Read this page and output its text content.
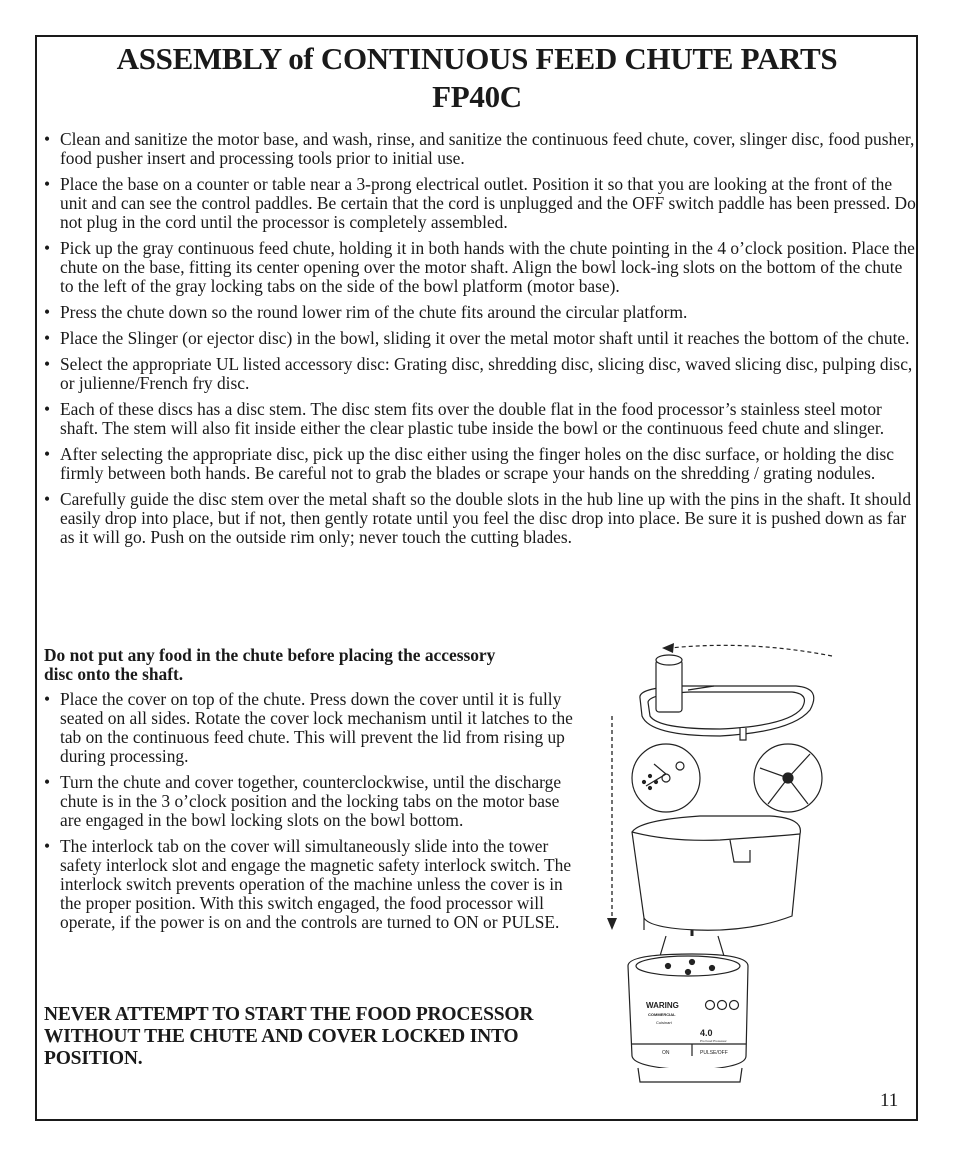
ASSEMBLY of CONTINUOUS FEED CHUTE PARTS
FP40C
• Clean and sanitize the motor base, and wash, rinse, and sanitize the continuous feed chute, cover, slinger disc, food pusher, food pusher insert and processing tools prior to initial use.
• Place the base on a counter or table near a 3-prong electrical outlet. Position it so that you are looking at the front of the unit and can see the control paddles. Be certain that the cord is unplugged and the OFF switch paddle has been pressed. Do not plug in the cord until the processor is completely assembled.
• Pick up the gray continuous feed chute, holding it in both hands with the chute pointing in the 4 o’clock position. Place the chute on the base, fitting its center opening over the motor shaft. Align the bowl lock-ing slots on the bottom of the chute to the left of the gray locking tabs on the side of the bowl platform (motor base).
• Press the chute down so the round lower rim of the chute fits around the circular platform.
• Place the Slinger (or ejector disc) in the bowl, sliding it over the metal motor shaft until it reaches the bottom of the chute.
• Select the appropriate UL listed accessory disc: Grating disc, shredding disc, slicing disc, waved slicing disc, pulping disc, or julienne/French fry disc.
• Each of these discs has a disc stem. The disc stem fits over the double flat in the food processor’s stainless steel motor shaft. The stem will also fit inside either the clear plastic tube inside the bowl or the continuous feed chute and slinger.
• After selecting the appropriate disc, pick up the disc either using the finger holes on the disc surface, or holding the disc firmly between both hands. Be careful not to grab the blades or scrape your hands on the shredding / grating nodules.
• Carefully guide the disc stem over the metal shaft so the double slots in the hub line up with the pins in the shaft. It should easily drop into place, but if not, then gently rotate until you feel the disc drop into place. Be sure it is pushed down as far as it will go. Push on the outside rim only; never touch the cutting blades.

Do not put any food in the chute before placing the accessory disc onto the shaft.

• Place the cover on top of the chute. Press down the cover until it is fully seated on all sides. Rotate the cover lock mechanism until it latches to the tab on the continuous feed chute. This will prevent the lid from rising up during processing.
• Turn the chute and cover together, counterclockwise, until the discharge chute is in the 3 o’clock position and the locking tabs on the motor base are engaged in the bowl locking slots on the bowl bottom.
• The interlock tab on the cover will simultaneously slide into the tower safety interlock slot and engage the magnetic safety interlock switch. The interlock switch prevents operation of the machine unless the cover is in the proper position. With this switch engaged, the food processor will operate, if the power is on and the controls are turned to ON or PULSE.
NEVER ATTEMPT TO START THE FOOD PROCESSOR WITHOUT THE CHUTE AND COVER LOCKED INTO POSITION.
WARING
COMMERCIAL
Cuisinart
4.0
Pro Food Processor
ON	PULSE/OFF
11
